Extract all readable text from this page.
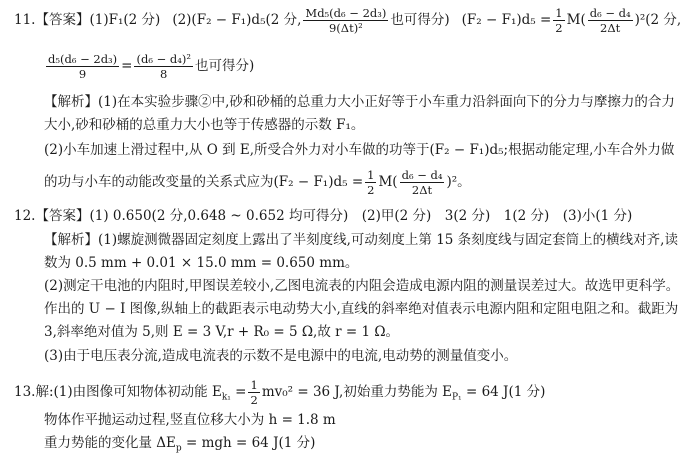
11.【答案】(1)F₁(2 分) (2)(F₂ − F₁)d₅(2 分, $\frac{\text{Md₅(d₆ − 2d₃)}}{\text{9(Δt)²}}$ 也可得分) $(F_2 - F_1)d_5 = \frac{1}{2} M( \frac{\text{d₆ − d₄}}{2\Delta t} )^2(2$ 分,
$\frac{\text{d₅(d₆ − 2d₃)}}{9} = \frac{\text{(d₆ − d₄)²}}{8}$ 也可得分)
【解析】(1)在本实验步骤②中,砂和砂桶的总重力大小正好等于小车重力沿斜面向下的分力与摩擦力的合力
大小,砂和砂桶的总重力大小也等于传感器的示数 F₁。
(2)小车加速上滑过程中,从 O 到 E,所受合外力对小车做的功等于(F₂ − F₁)d₅;根据动能定理,小车合外力做
的功与小车的动能改变量的关系式应为$(F_2 - F_1)d_5 = \frac{1}{2} M( \frac{\text{d₆ − d₄}}{2\Delta t} )^2$。
12.【答案】(1) 0.650(2 分,0.648 ~ 0.652 均可得分)　(2)甲(2 分)　3(2 分)　1(2 分)　(3)小(1 分)
【解析】(1)螺旋测微器固定刻度上露出了半刻度线,可动刻度上第 15 条刻度线与固定套筒上的横线对齐,读
数为 0.5 mm + 0.01 × 15.0 mm = 0.650 mm。
(2)测定干电池的内阻时,甲图误差较小,乙图电流表的内阻会造成电源内阻的测量误差过大。故选甲更科学。
作出的 U − I 图像,纵轴上的截距表示电动势大小,直线的斜率绝对值表示电源内阻和定阻电阻之和。截距为
3,斜率绝对值为 5,则 E = 3 V,r + R₀ = 5 Ω,故 r = 1 Ω。
(3)由于电压表分流,造成电流表的示数不是电源中的电流,电动势的测量值变小。
13.解:(1)由图像可知物体初动能 $E_{k_1} = \frac{1}{2} mv_0^2 = 36$ J,初始重力势能为 $E_{P_1} = 64$ J(1 分)
物体作平抛运动过程,竖直位移大小为 h = 1.8 m
重力势能的变化量 $\Delta E_p$ = mgh = 64 J(1 分)
